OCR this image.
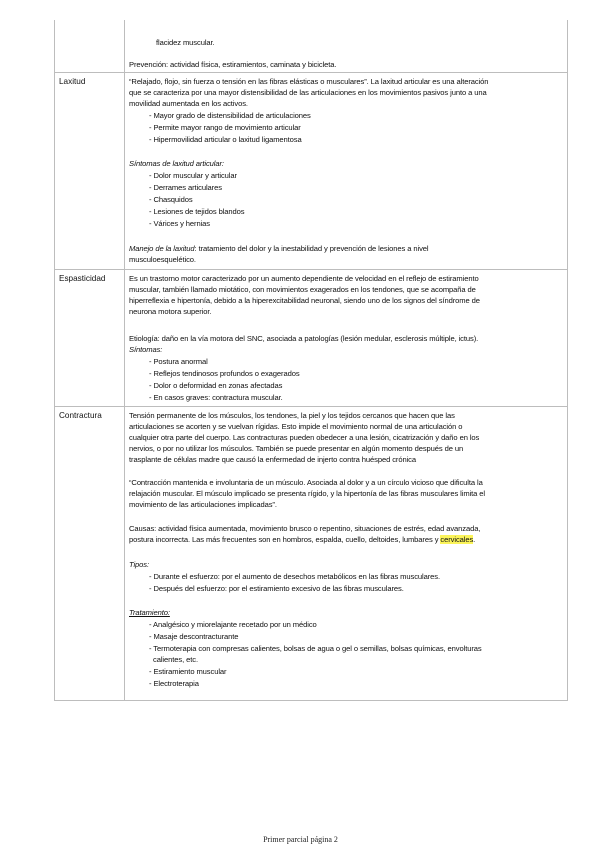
flacidez muscular.
Prevención: actividad física, estiramientos, caminata y bicicleta.
Laxitud	“Relajado, flojo, sin fuerza o tensión en las fibras elásticas o musculares”. La laxitud articular es una alteración
que se caracteriza por una mayor distensibilidad de las articulaciones en los movimientos pasivos junto a una
movilidad aumentada en los activos.
- Mayor grado de distensibilidad de articulaciones
- Permite mayor rango de movimiento articular
- Hipermovilidad articular o laxitud ligamentosa
Síntomas de laxitud articular:
- Dolor muscular y articular
- Derrames articulares
- Chasquidos
- Lesiones de tejidos blandos
- Várices y hernias
Manejo de la laxitud: tratamiento del dolor y la inestabilidad y prevención de lesiones a nivel
musculoesquelético.
Espasticidad	Es un trastorno motor caracterizado por un aumento dependiente de velocidad en el reflejo de estiramiento
muscular, también llamado miotático, con movimientos exagerados en los tendones, que se acompaña de
hiperreflexia e hipertonía, debido a la hiperexcitabilidad neuronal, siendo uno de los signos del síndrome de
neurona motora superior.
Etiología: daño en la vía motora del SNC, asociada a patologías (lesión medular, esclerosis múltiple, ictus).
Síntomas:
- Postura anormal
- Reflejos tendinosos profundos o exagerados
- Dolor o deformidad en zonas afectadas
- En casos graves: contractura muscular.
Contractura	Tensión permanente de los músculos, los tendones, la piel y los tejidos cercanos que hacen que las
articulaciones se acorten y se vuelvan rígidas. Esto impide el movimiento normal de una articulación o
cualquier otra parte del cuerpo. Las contracturas pueden obedecer a una lesión, cicatrización y daño en los
nervios, o por no utilizar los músculos. También se puede presentar en algún momento después de un
trasplante de células madre que causó la enfermedad de injerto contra huésped crónica
“Contracción mantenida e involuntaria de un músculo. Asociada al dolor y a un círculo vicioso que dificulta la
relajación muscular. El músculo implicado se presenta rígido, y la hipertonía de las fibras musculares limita el
movimiento de las articulaciones implicadas”.
Causas: actividad física aumentada, movimiento brusco o repentino, situaciones de estrés, edad avanzada,
postura incorrecta. Las más frecuentes son en hombros, espalda, cuello, deltoides, lumbares y cervicales.
Tipos:
- Durante el esfuerzo: por el aumento de desechos metabólicos en las fibras musculares.
- Después del esfuerzo: por el estiramiento excesivo de las fibras musculares.
Tratamiento:
- Analgésico y miorelajante recetado por un médico
- Masaje descontracturante
- Termoterapia con compresas calientes, bolsas de agua o gel o semillas, bolsas químicas, envolturas
calientes, etc.
- Estiramiento muscular
- Electroterapia
Primer parcial página 2
